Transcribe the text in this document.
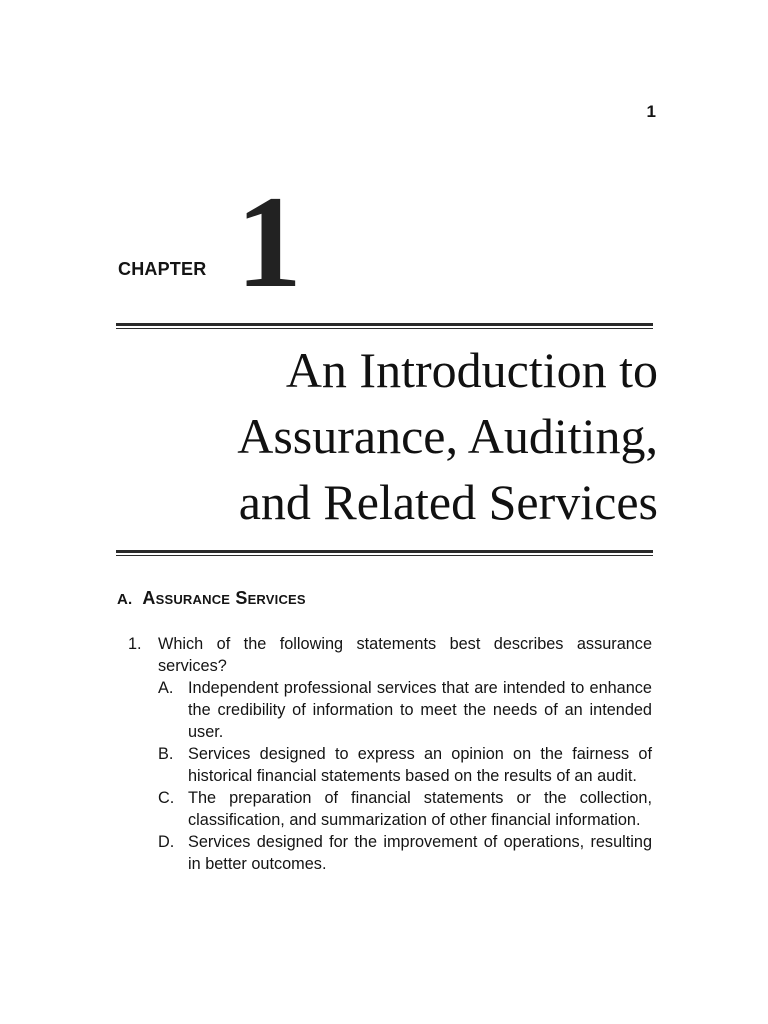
1
CHAPTER 1
An Introduction to
Assurance, Auditing,
and Related Services
A. Assurance Services
1.	Which of the following statements best describes assurance services?
A. Independent professional services that are intended to enhance the credibility of information to meet the needs of an intended user.
B. Services designed to express an opinion on the fairness of historical financial statements based on the results of an audit.
C. The preparation of financial statements or the collection, classification, and summarization of other financial information.
D. Services designed for the improvement of operations, resulting in better outcomes.
